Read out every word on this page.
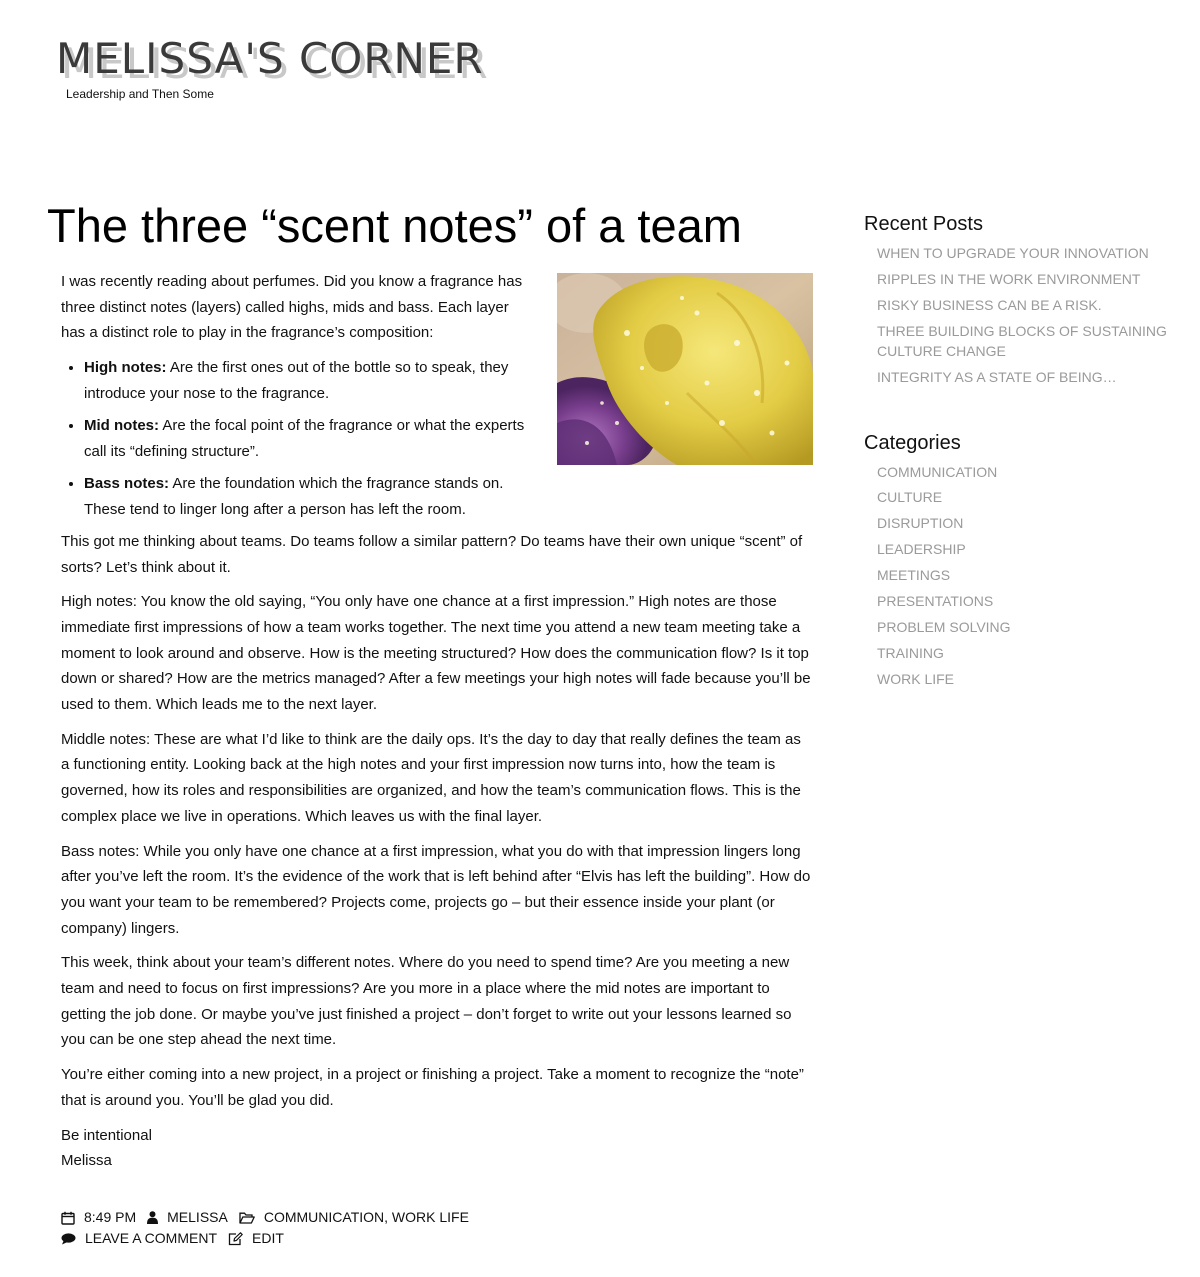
MELISSA'S CORNER
Leadership and Then Some
The three “scent notes” of a team

I was recently reading about perfumes. Did you know a fragrance has three distinct notes (layers) called highs, mids and bass. Each layer has a distinct role to play in the fragrance’s composition:

• High notes: Are the first ones out of the bottle so to speak, they introduce your nose to the fragrance.
• Mid notes: Are the focal point of the fragrance or what the experts call its “defining structure”.
• Bass notes: Are the foundation which the fragrance stands on. These tend to linger long after a person has left the room.

This got me thinking about teams. Do teams follow a similar pattern? Do teams have their own unique “scent” of sorts? Let’s think about it.

High notes: You know the old saying, “You only have one chance at a first impression.” High notes are those immediate first impressions of how a team works together. The next time you attend a new team meeting take a moment to look around and observe. How is the meeting structured? How does the communication flow? Is it top down or shared? How are the metrics managed? After a few meetings your high notes will fade because you’ll be used to them. Which leads me to the next layer.

Middle notes: These are what I’d like to think are the daily ops. It’s the day to day that really defines the team as a functioning entity. Looking back at the high notes and your first impression now turns into, how the team is governed, how its roles and responsibilities are organized, and how the team’s communication flows. This is the complex place we live in operations. Which leaves us with the final layer.

Bass notes: While you only have one chance at a first impression, what you do with that impression lingers long after you’ve left the room. It’s the evidence of the work that is left behind after “Elvis has left the building”. How do you want your team to be remembered? Projects come, projects go – but their essence inside your plant (or company) lingers.

This week, think about your team’s different notes. Where do you need to spend time? Are you meeting a new team and need to focus on first impressions? Are you more in a place where the mid notes are important to getting the job done. Or maybe you’ve just finished a project – don’t forget to write out your lessons learned so you can be one step ahead the next time.

You’re either coming into a new project, in a project or finishing a project. Take a moment to recognize the “note” that is around you. You’ll be glad you did.

Be intentional

Melissa

8:49 PM MELISSA	COMMUNICATION , WORK LIFE
LEAVE A COMMENT	EDIT
Recent Posts
WHEN TO UPGRADE YOUR INNOVATION
RIPPLES IN THE WORK ENVIRONMENT
RISKY BUSINESS CAN BE A RISK.
THREE BUILDING BLOCKS OF SUSTAINING CULTURE CHANGE
INTEGRITY AS A STATE OF BEING…
Categories
COMMUNICATION
CULTURE
DISRUPTION
LEADERSHIP
MEETINGS
PRESENTATIONS
PROBLEM SOLVING
TRAINING
WORK LIFE
